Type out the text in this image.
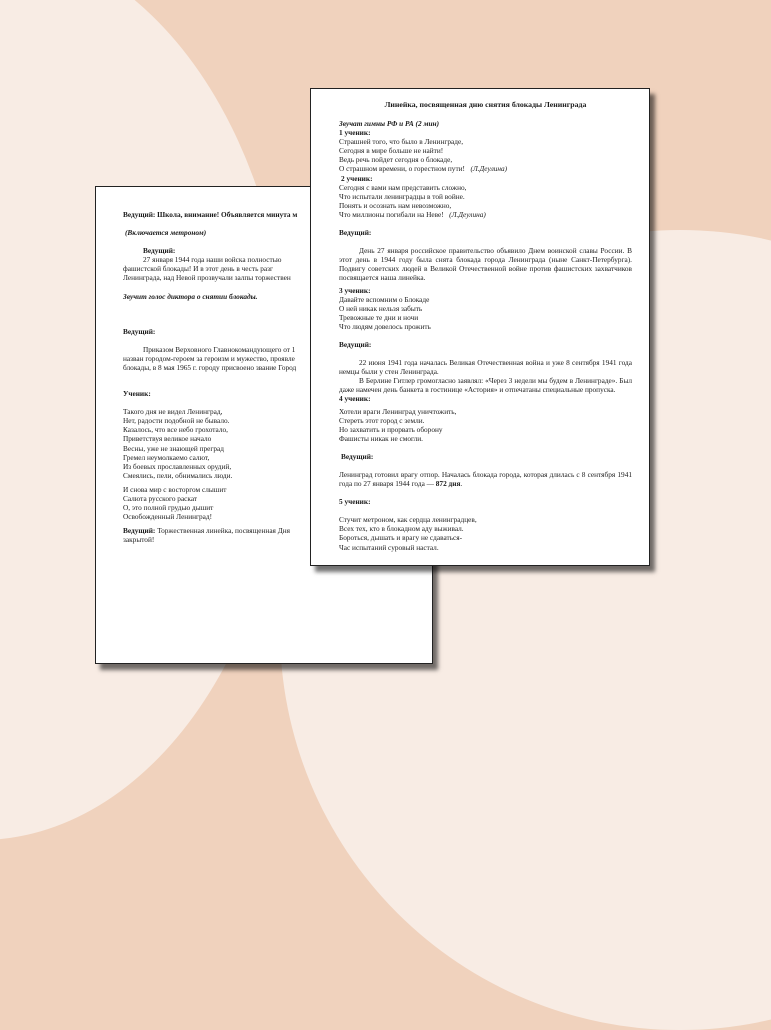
Ведущий: Школа, внимание! Объявляется минута м
(Включается метроном)
Ведущий:
27 января 1944 года наши войска полностью
фашистской блокады! И в этот день в честь разг
Ленинграда, над Невой прозвучали залпы торжествен
Звучит голос диктора о снятии блокады.
Ведущий:
Приказом Верховного Главнокомандующего от 1
назван городом-героем за героизм и мужество, проявле
блокады, в 8 мая 1965 г. городу присвоено звание Город
Ученик:
Такого дня не видел Ленинград,
Нет, радости подобной не бывало.
Казалось, что все небо грохотало,
Приветствуя великое начало
Весны, уже не знающей преград
Гремел неумолкаемо салют,
Из боевых прославленных орудий,
Смеялись, пели, обнимались люди.
И снова мир с восторгом слышит
Салюта русского раскат
О, это полной грудью дышит
Освобожденный Ленинград!
Ведущий: Торжественная линейка, посвященная Дня
закрытой!
Линейка, посвященная дню снятия блокады Ленинграда
Звучат гимны РФ и РА (2 мин)
1 ученик:
Страшней того, что было в Ленинграде,
Сегодня в мире больше не найти!
Ведь речь пойдет сегодня о блокаде,
О страшном времени, о горестном пути! (Л.Деулина)
2 ученик:
Сегодня с вами нам представить сложно,
Что испытали ленинградцы в той войне.
Понять и осознать нам невозможно,
Что миллионы погибали на Неве! (Л.Деулина)
Ведущий:
День 27 января российское правительство объявило Днем воинской славы России. В этот день в 1944 году была снята блокада города Ленинграда (ныне Санкт-Петербурга). Подвигу советских людей в Великой Отечественной войне против фашистских захватчиков посвящается наша линейка.
3 ученик:
Давайте вспомним о Блокаде
О ней никак нельзя забыть
Тревожные те дни и ночи
Что людям довелось прожить
Ведущий:
22 июня 1941 года началась Великая Отечественная война и уже 8 сентября 1941 года немцы были у стен Ленинграда.
В Берлине Гитлер громогласно заявлял: «Через 3 недели мы будем в Ленинграде». Был даже намечен день банкета в гостинице «Астория» и отпечатаны специальные пропуска.
4 ученик:
Хотели враги Ленинград уничтожить,
Стереть этот город с земли.
Но захватить и прорвать оборону
Фашисты никак не смогли.
Ведущий:
Ленинград готовил врагу отпор. Началась блокада города, которая длилась с 8 сентября 1941 года по 27 января 1944 года — 872 дня.
5 ученик:
Стучит метроном, как сердца ленинградцев,
Всех тех, кто в блокадном аду выживал.
Бороться, дышать и врагу не сдаваться-
Час испытаний суровый настал.
